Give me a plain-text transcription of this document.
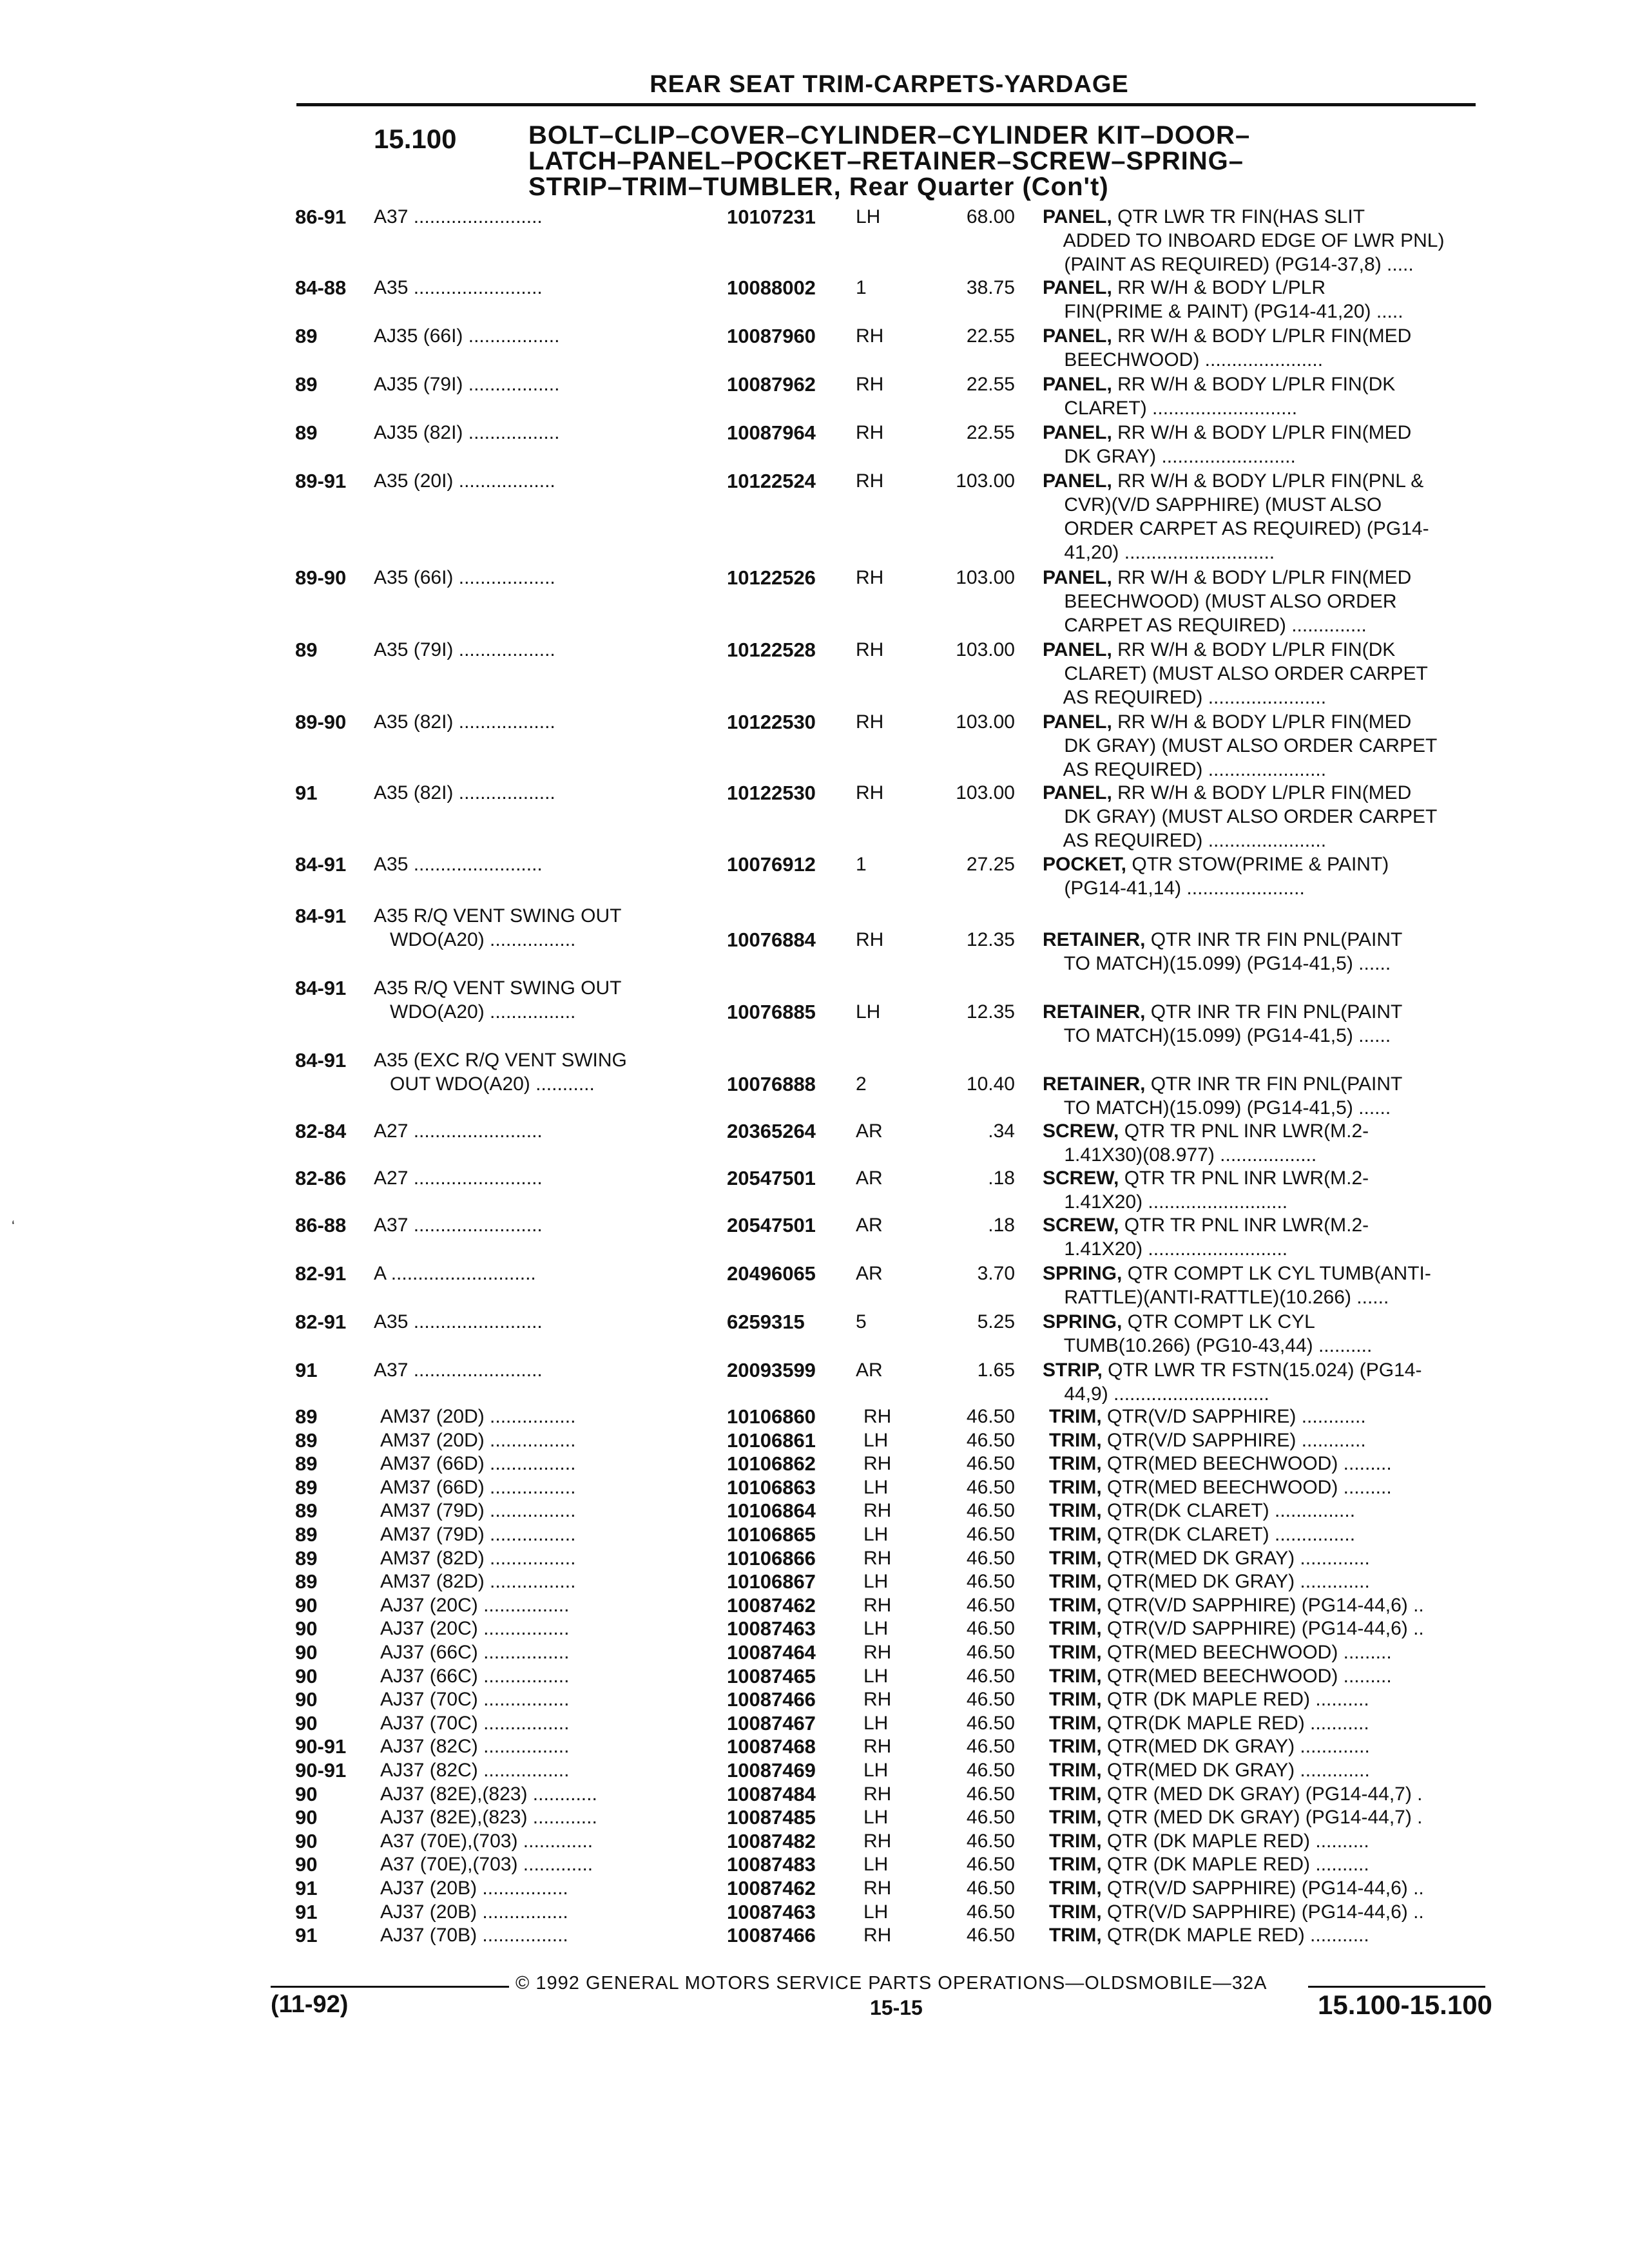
REAR SEAT TRIM-CARPETS-YARDAGE
15.100	BOLT–CLIP–COVER–CYLINDER–CYLINDER KIT–DOOR–
LATCH–PANEL–POCKET–RETAINER–SCREW–SPRING–
STRIP–TRIM–TUMBLER, Rear Quarter (Con't)
‘
86-91 A37 ........................	10107231 LH	68.00 PANEL, QTR LWR TR FIN(HAS SLIT
ADDED TO INBOARD EDGE OF LWR PNL)
(PAINT AS REQUIRED) (PG14-37,8) .....
84-88 A35 ........................	10088002 1	38.75 PANEL, RR W/H & BODY L/PLR
FIN(PRIME & PAINT) (PG14-41,20) .....
89	AJ35 (66I) .................	10087960 RH	22.55 PANEL, RR W/H & BODY L/PLR FIN(MED
BEECHWOOD) ......................
89	AJ35 (79I) .................	10087962 RH	22.55 PANEL, RR W/H & BODY L/PLR FIN(DK
CLARET) ...........................
89	AJ35 (82I) .................	10087964 RH	22.55 PANEL, RR W/H & BODY L/PLR FIN(MED
DK GRAY) .........................
89-91 A35 (20I) ..................	10122524 RH	103.00 PANEL, RR W/H & BODY L/PLR FIN(PNL &
CVR)(V/D SAPPHIRE) (MUST ALSO
ORDER CARPET AS REQUIRED) (PG14-
41,20) ............................
89-90 A35 (66I) ..................	10122526 RH	103.00 PANEL, RR W/H & BODY L/PLR FIN(MED
BEECHWOOD) (MUST ALSO ORDER
CARPET AS REQUIRED) ..............
89	A35 (79I) ..................	10122528 RH	103.00 PANEL, RR W/H & BODY L/PLR FIN(DK
CLARET) (MUST ALSO ORDER CARPET
AS REQUIRED) ......................
89-90 A35 (82I) ..................	10122530 RH	103.00 PANEL, RR W/H & BODY L/PLR FIN(MED
DK GRAY) (MUST ALSO ORDER CARPET
AS REQUIRED) ......................
91	A35 (82I) ..................	10122530 RH	103.00 PANEL, RR W/H & BODY L/PLR FIN(MED
DK GRAY) (MUST ALSO ORDER CARPET
AS REQUIRED) ......................
84-91 A35 ........................	10076912 1	27.25 POCKET, QTR STOW(PRIME & PAINT)
(PG14-41,14) ......................
84-91 A35 R/Q VENT SWING OUT
WDO(A20) ................	10076884 RH	12.35 RETAINER, QTR INR TR FIN PNL(PAINT
TO MATCH)(15.099) (PG14-41,5) ......
84-91 A35 R/Q VENT SWING OUT
WDO(A20) ................	10076885 LH	12.35 RETAINER, QTR INR TR FIN PNL(PAINT
TO MATCH)(15.099) (PG14-41,5) ......
84-91 A35 (EXC R/Q VENT SWING
OUT WDO(A20) ...........	10076888 2	10.40 RETAINER, QTR INR TR FIN PNL(PAINT
TO MATCH)(15.099) (PG14-41,5) ......
82-84 A27 ........................	20365264 AR	.34 SCREW, QTR TR PNL INR LWR(M.2-
1.41X30)(08.977) ..................
82-86 A27 ........................	20547501 AR	.18 SCREW, QTR TR PNL INR LWR(M.2-
1.41X20) ..........................
86-88 A37 ........................	20547501 AR	.18 SCREW, QTR TR PNL INR LWR(M.2-
1.41X20) ..........................
82-91 A ...........................	20496065 AR	3.70 SPRING, QTR COMPT LK CYL TUMB(ANTI-
RATTLE)(ANTI-RATTLE)(10.266) ......
82-91 A35 ........................	6259315	5	5.25 SPRING, QTR COMPT LK CYL
TUMB(10.266) (PG10-43,44) ..........
91	A37 ........................	20093599 AR	1.65 STRIP, QTR LWR TR FSTN(15.024) (PG14-
44,9) .............................
89	AM37 (20D) ................	10106860 RH	46.50 TRIM, QTR(V/D SAPPHIRE) ............
89	AM37 (20D) ................	10106861 LH	46.50 TRIM, QTR(V/D SAPPHIRE) ............
89	AM37 (66D) ................	10106862 RH	46.50 TRIM, QTR(MED BEECHWOOD) .........
89	AM37 (66D) ................	10106863 LH	46.50 TRIM, QTR(MED BEECHWOOD) .........
89	AM37 (79D) ................	10106864 RH	46.50 TRIM, QTR(DK CLARET) ...............
89	AM37 (79D) ................	10106865 LH	46.50 TRIM, QTR(DK CLARET) ...............
89	AM37 (82D) ................	10106866 RH	46.50 TRIM, QTR(MED DK GRAY) .............
89	AM37 (82D) ................	10106867 LH	46.50 TRIM, QTR(MED DK GRAY) .............
90	AJ37 (20C) ................	10087462 RH	46.50 TRIM, QTR(V/D SAPPHIRE) (PG14-44,6) ..
90	AJ37 (20C) ................	10087463 LH	46.50 TRIM, QTR(V/D SAPPHIRE) (PG14-44,6) ..
90	AJ37 (66C) ................	10087464 RH	46.50 TRIM, QTR(MED BEECHWOOD) .........
90	AJ37 (66C) ................	10087465 LH	46.50 TRIM, QTR(MED BEECHWOOD) .........
90	AJ37 (70C) ................	10087466 RH	46.50 TRIM, QTR (DK MAPLE RED) ..........
90	AJ37 (70C) ................	10087467 LH	46.50 TRIM, QTR(DK MAPLE RED) ...........
90-91 AJ37 (82C) ................	10087468 RH	46.50 TRIM, QTR(MED DK GRAY) .............
90-91 AJ37 (82C) ................	10087469 LH	46.50 TRIM, QTR(MED DK GRAY) .............
90	AJ37 (82E),(823) ............	10087484 RH	46.50 TRIM, QTR (MED DK GRAY) (PG14-44,7) .
90	AJ37 (82E),(823) ............	10087485 LH	46.50 TRIM, QTR (MED DK GRAY) (PG14-44,7) .
90	A37 (70E),(703) .............	10087482 RH	46.50 TRIM, QTR (DK MAPLE RED) ..........
90	A37 (70E),(703) .............	10087483 LH	46.50 TRIM, QTR (DK MAPLE RED) ..........
91	AJ37 (20B) ................	10087462 RH	46.50 TRIM, QTR(V/D SAPPHIRE) (PG14-44,6) ..
91	AJ37 (20B) ................	10087463 LH	46.50 TRIM, QTR(V/D SAPPHIRE) (PG14-44,6) ..
91	AJ37 (70B) ................	10087466 RH	46.50 TRIM, QTR(DK MAPLE RED) ...........
© 1992 GENERAL MOTORS SERVICE PARTS OPERATIONS—OLDSMOBILE—32A
(11-92)	15-15	15.100-15.100
